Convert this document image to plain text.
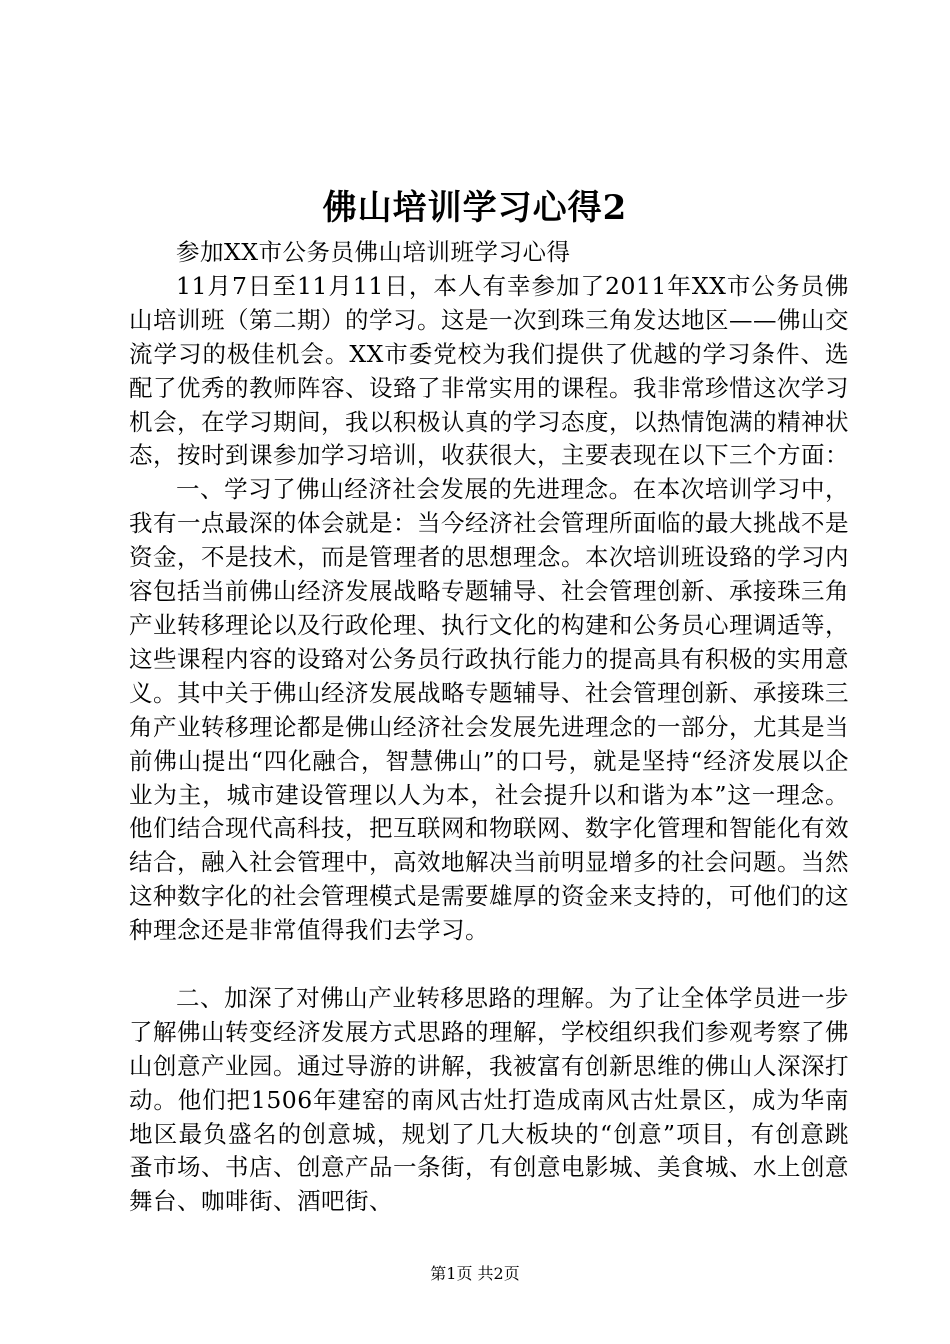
佛山培训学习心得2

参加XX市公务员佛山培训班学习心得

11月7日至11月11日，本人有幸参加了2011年XX市公务员佛山培训班（第二期）的学习。这是一次到珠三角发达地区——佛山交流学习的极佳机会。XX市委党校为我们提供了优越的学习条件、选配了优秀的教师阵容、设臵了非常实用的课程。我非常珍惜这次学习机会，在学习期间，我以积极认真的学习态度，以热情饱满的精神状态，按时到课参加学习培训，收获很大，主要表现在以下三个方面：

一、学习了佛山经济社会发展的先进理念。在本次培训学习中，我有一点最深的体会就是：当今经济社会管理所面临的最大挑战不是资金，不是技术，而是管理者的思想理念。本次培训班设臵的学习内容包括当前佛山经济发展战略专题辅导、社会管理创新、承接珠三角产业转移理论以及行政伦理、执行文化的构建和公务员心理调适等，这些课程内容的设臵对公务员行政执行能力的提高具有积极的实用意义。其中关于佛山经济发展战略专题辅导、社会管理创新、承接珠三角产业转移理论都是佛山经济社会发展先进理念的一部分，尤其是当前佛山提出“四化融合，智慧佛山”的口号，就是坚持“经济发展以企业为主，城市建设管理以人为本，社会提升以和谐为本”这一理念。他们结合现代高科技，把互联网和物联网、数字化管理和智能化有效结合，融入社会管理中，高效地解决当前明显增多的社会问题。当然这种数字化的社会管理模式是需要雄厚的资金来支持的，可他们的这种理念还是非常值得我们去学习。

二、加深了对佛山产业转移思路的理解。为了让全体学员进一步了解佛山转变经济发展方式思路的理解，学校组织我们参观考察了佛山创意产业园。通过导游的讲解，我被富有创新思维的佛山人深深打动。他们把1506年建窑的南风古灶打造成南风古灶景区，成为华南地区最负盛名的创意城，规划了几大板块的“创意”项目，有创意跳蚤市场、书店、创意产品一条街，有创意电影城、美食城、水上创意舞台、咖啡街、酒吧街、

第1页 共2页
